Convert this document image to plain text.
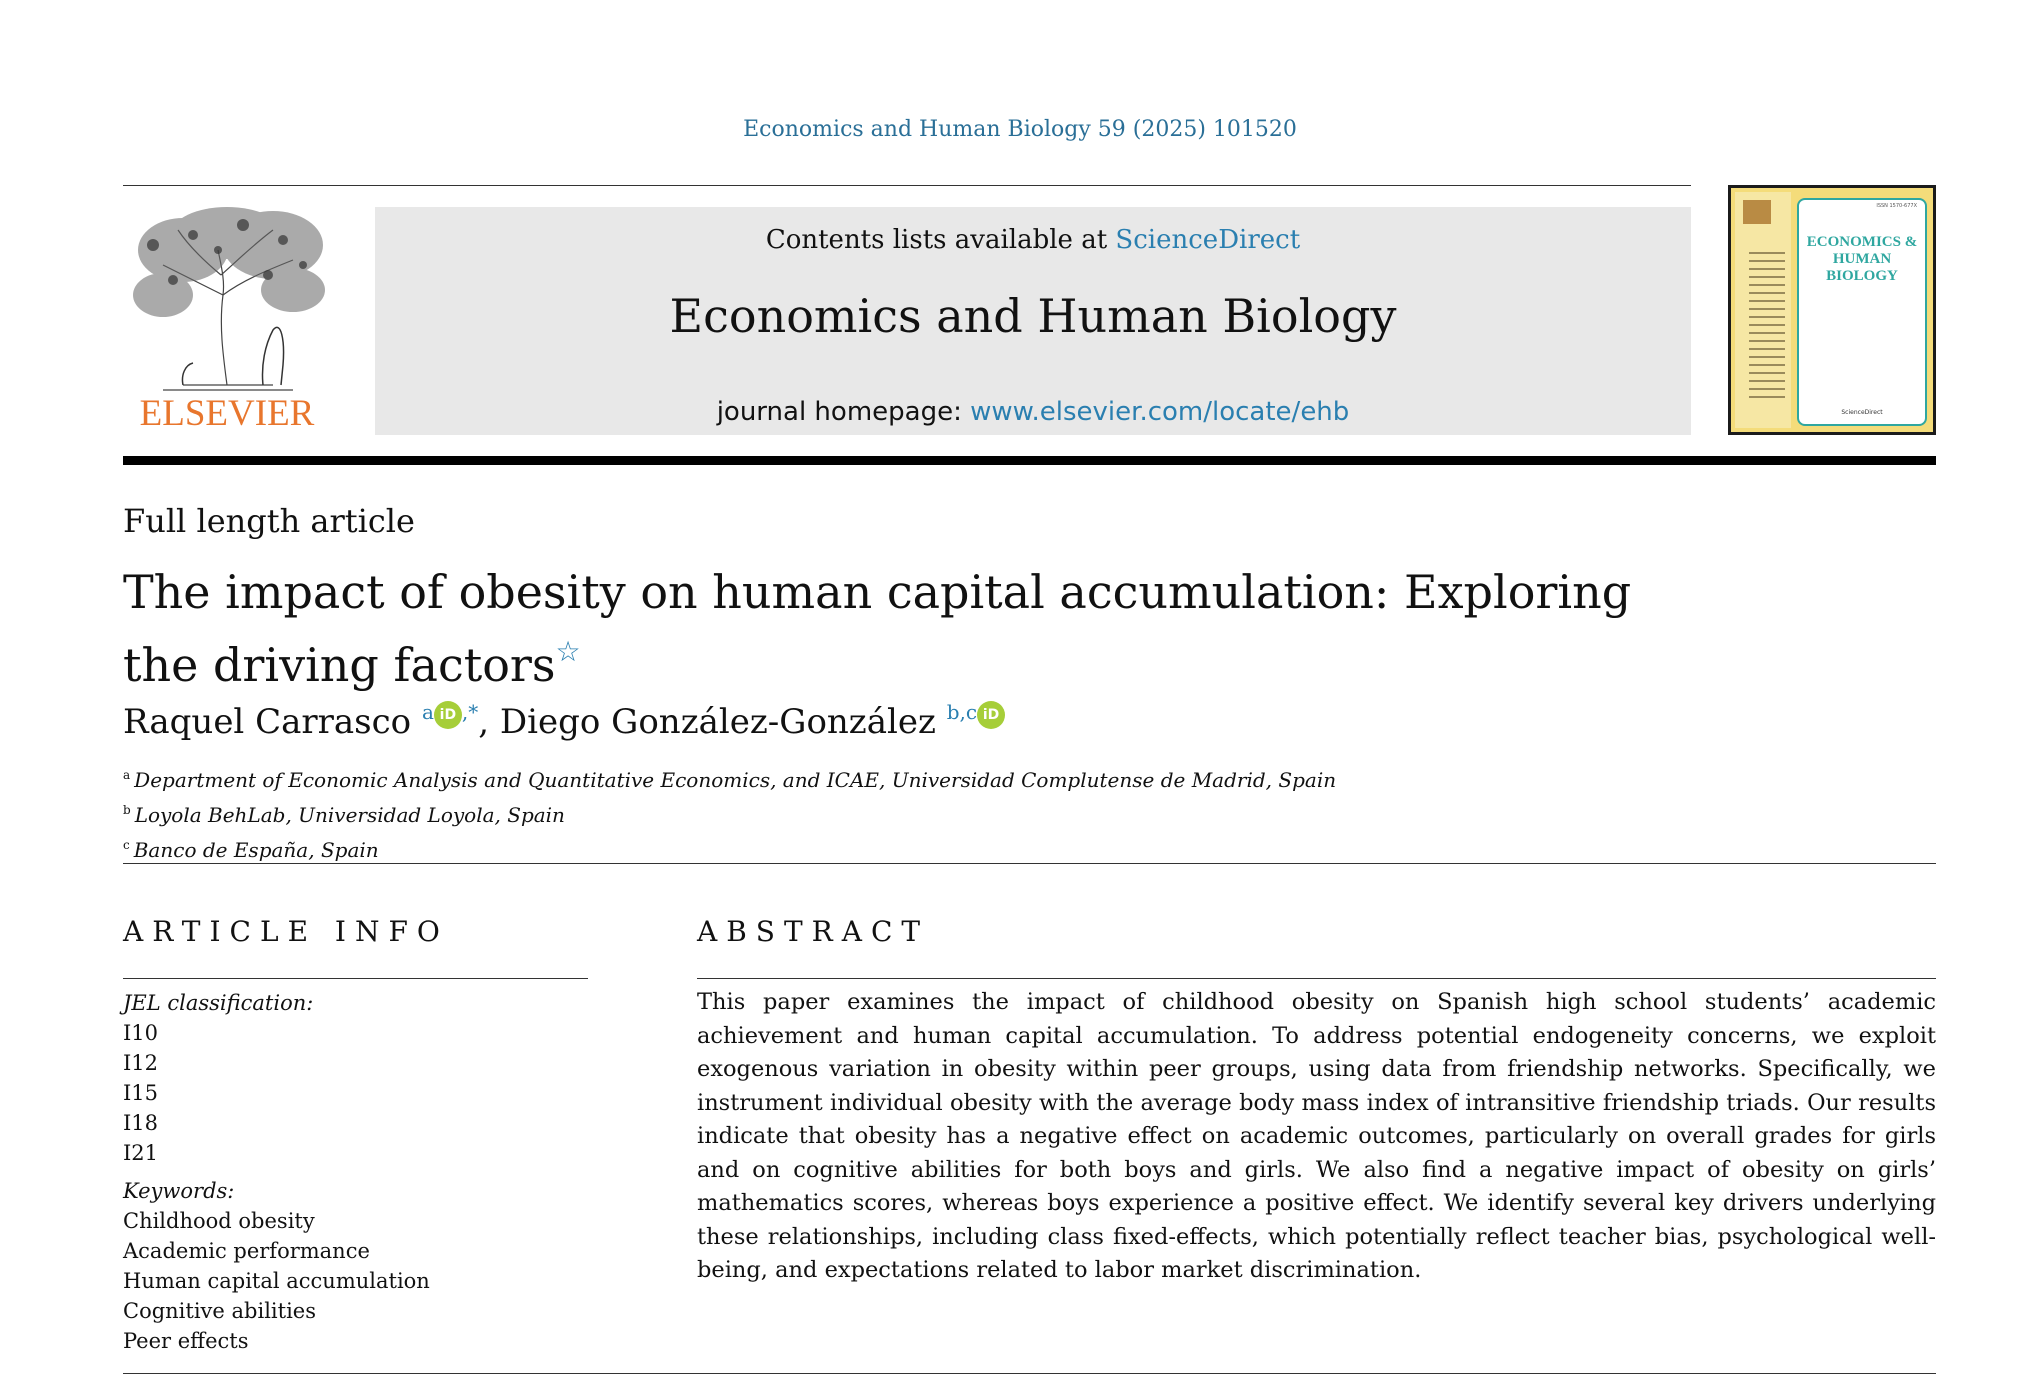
Economics and Human Biology 59 (2025) 101520
ELSEVIER
Contents lists available at ScienceDirect
Economics and Human Biology
journal homepage: www.elsevier.com/locate/ehb
ISSN 1570-677X
ECONOMICS & HUMAN BIOLOGY
ScienceDirect
Full length article
The impact of obesity on human capital accumulation: Exploring the driving factors☆
Raquel Carrasco $^a$ iD ,*, Diego González-González $^{b,c}$ iD
$^a$ Department of Economic Analysis and Quantitative Economics, and ICAE, Universidad Complutense de Madrid, Spain
$^b$ Loyola BehLab, Universidad Loyola, Spain
$^c$ Banco de España, Spain
ARTICLE INFO
JEL classification:
I10
I12
I15
I18
I21
Keywords:
Childhood obesity
Academic performance
Human capital accumulation
Cognitive abilities
Peer effects
ABSTRACT
This paper examines the impact of childhood obesity on Spanish high school students’ academic achievement and human capital accumulation. To address potential endogeneity concerns, we exploit exogenous variation in obesity within peer groups, using data from friendship networks. Specifically, we instrument individual obesity with the average body mass index of intransitive friendship triads. Our results indicate that obesity has a negative effect on academic outcomes, particularly on overall grades for girls and on cognitive abilities for both boys and girls. We also find a negative impact of obesity on girls’ mathematics scores, whereas boys experience a positive effect. We identify several key drivers underlying these relationships, including class fixed-effects, which potentially reflect teacher bias, psychological well-being, and expectations related to labor market discrimination.
